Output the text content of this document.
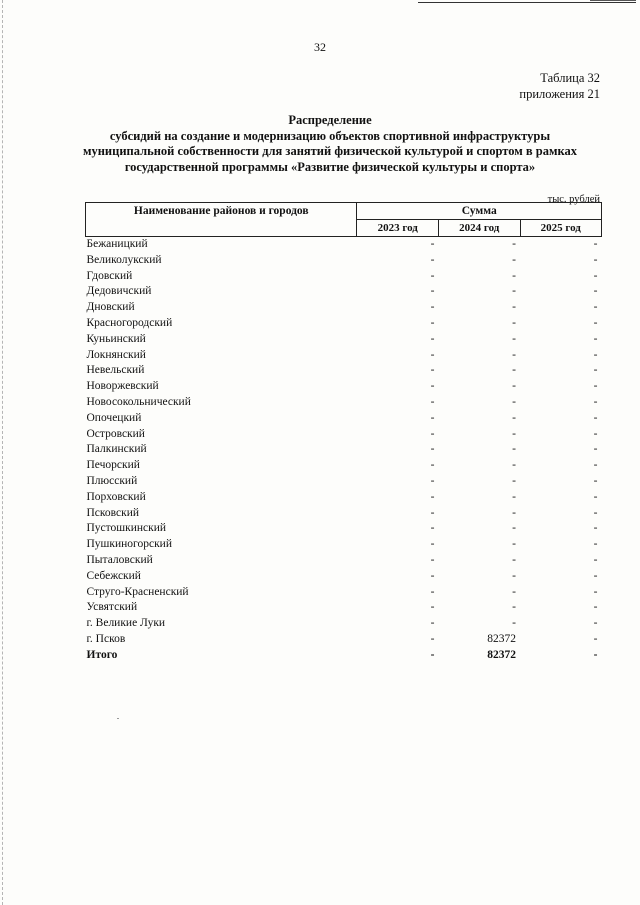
32
Таблица 32
приложения 21
Распределение
субсидий на создание и модернизацию объектов спортивной инфраструктуры
муниципальной собственности для занятий физической культурой и спортом в рамках
государственной программы «Развитие физической культуры и спорта»
тыс. рублей
Наименование районов и городов	Сумма		
	2023 год	2024 год	2025 год
Бежаницкий	-	-	-
Великолукский	-	-	-
Гдовский	-	-	-
Дедовичский	-	-	-
Дновский	-	-	-
Красногородский	-	-	-
Куньинский	-	-	-
Локнянский	-	-	-
Невельский	-	-	-
Новоржевский	-	-	-
Новосокольнический	-	-	-
Опочецкий	-	-	-
Островский	-	-	-
Палкинский	-	-	-
Печорский	-	-	-
Плюсский	-	-	-
Порховский	-	-	-
Псковский	-	-	-
Пустошкинский	-	-	-
Пушкиногорский	-	-	-
Пыталовский	-	-	-
Себежский	-	-	-
Струго-Красненский	-	-	-
Усвятский	-	-	-
г. Великие Луки	-	-	-
г. Псков	-	82372	-
Итого	-	82372	-
